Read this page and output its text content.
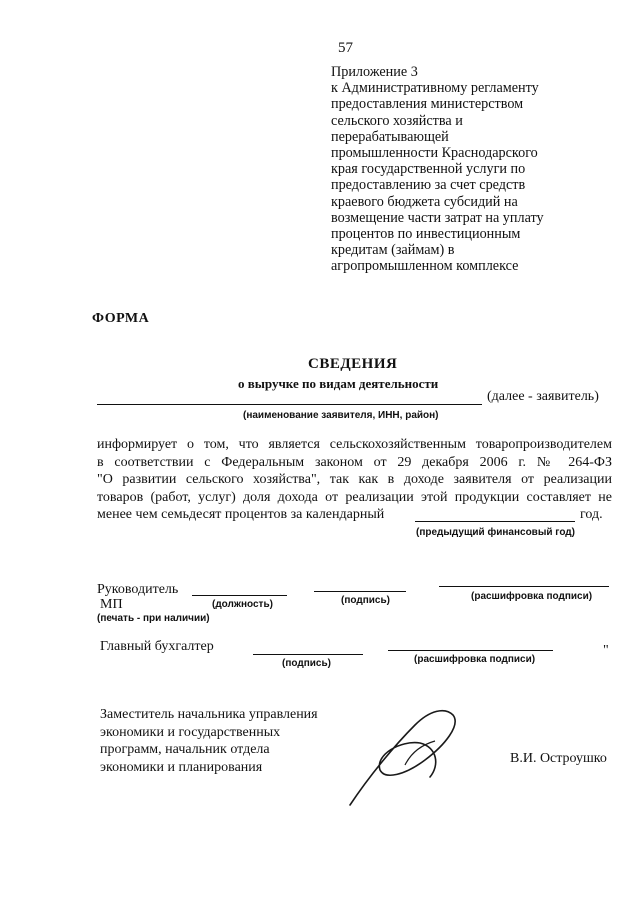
57
Приложение 3
к Административному регламенту
предоставления министерством
сельского хозяйства и
перерабатывающей
промышленности Краснодарского
края государственной услуги по
предоставлению за счет средств
краевого бюджета субсидий на
возмещение части затрат на уплату
процентов по инвестиционным
кредитам (займам) в
агропромышленном комплексе
ФОРМА
СВЕДЕНИЯ
о выручке по видам деятельности
(далее - заявитель)
(наименование заявителя, ИНН, район)
информирует о том, что является сельскохозяйственным товаропроизводителем
в соответствии с Федеральным законом от 29 декабря 2006 г. № 264-ФЗ
"О развитии сельского хозяйства", так как в доходе заявителя от реализации
товаров (работ, услуг) доля дохода от реализации этой продукции составляет не
менее чем семьдесят процентов за календарный	год.
(предыдущий финансовый год)
Руководитель
МП	(должность)	(подпись)	(расшифровка подписи)
(печать - при наличии)
Главный бухгалтер
(подпись)	(расшифровка подписи)
"
Заместитель начальника управления
экономики и государственных
программ, начальник отдела
экономики и планирования
В.И. Остроушко
